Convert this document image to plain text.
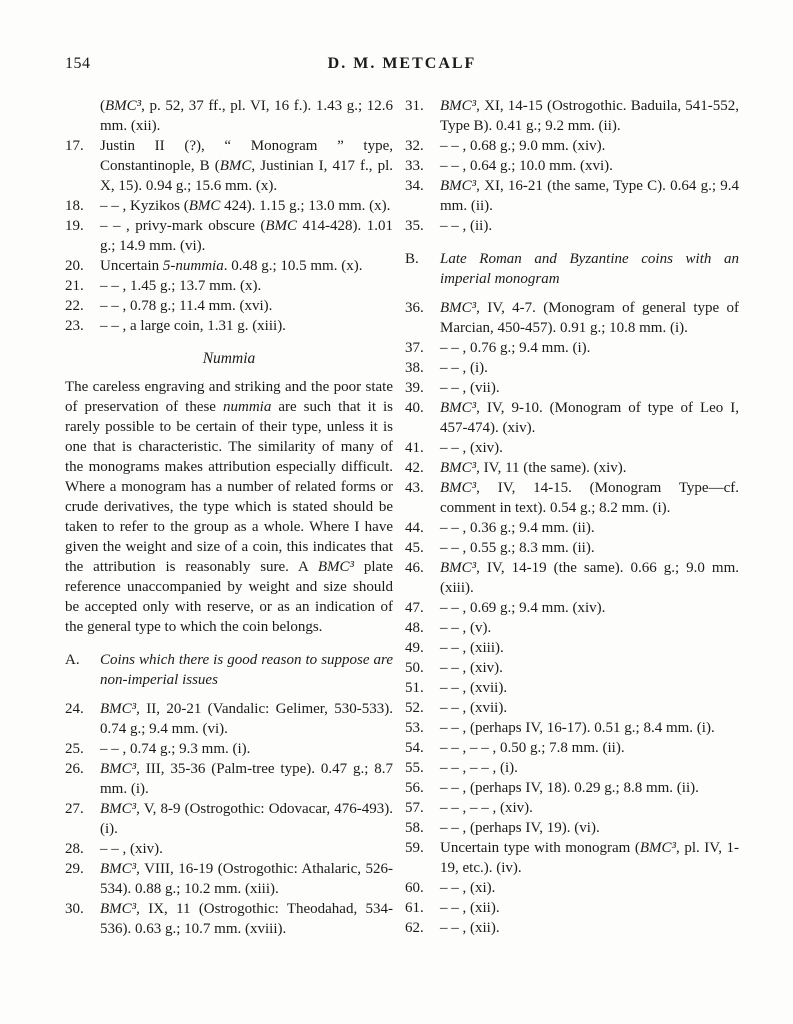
154	D. M. METCALF
(BMC³, p. 52, 37 ff., pl. VI, 16 f.). 1.43 g.; 12.6 mm. (xii).
17.	Justin II (?), “ Monogram ” type, Constantinople, B (BMC, Justinian I, 417 f., pl. X, 15). 0.94 g.; 15.6 mm. (x).
18.	– – , Kyzikos (BMC 424). 1.15 g.; 13.0 mm. (x).
19.	– – , privy-mark obscure (BMC 414-428). 1.01 g.; 14.9 mm. (vi).
20.	Uncertain 5-nummia. 0.48 g.; 10.5 mm. (x).
21.	– – , 1.45 g.; 13.7 mm. (x).
22.	– – , 0.78 g.; 11.4 mm. (xvi).
23.	– – , a large coin, 1.31 g. (xiii).
Nummia

The careless engraving and striking and the poor state of preservation of these nummia are such that it is rarely possible to be certain of their type, unless it is one that is characteristic. The similarity of many of the monograms makes attribution especially difficult. Where a monogram has a number of related forms or crude derivatives, the type which is stated should be taken to refer to the group as a whole. Where I have given the weight and size of a coin, this indicates that the attribution is reasonably sure. A BMC³ plate reference unaccompanied by weight and size should be accepted only with reserve, or as an indication of the general type to which the coin belongs.

A.	Coins which there is good reason to suppose are non-imperial issues
24.	BMC³, II, 20-21 (Vandalic: Gelimer, 530-533). 0.74 g.; 9.4 mm. (vi).
25.	– – , 0.74 g.; 9.3 mm. (i).
26.	BMC³, III, 35-36 (Palm-tree type). 0.47 g.; 8.7 mm. (i).
27.	BMC³, V, 8-9 (Ostrogothic: Odovacar, 476-493). (i).
28.	– – , (xiv).
29.	BMC³, VIII, 16-19 (Ostrogothic: Athalaric, 526-534). 0.88 g.; 10.2 mm. (xiii).
30.	BMC³, IX, 11 (Ostrogothic: Theodahad, 534-536). 0.63 g.; 10.7 mm. (xviii).
31.	BMC³, XI, 14-15 (Ostrogothic. Baduila, 541-552, Type B). 0.41 g.; 9.2 mm. (ii).
32.	– – , 0.68 g.; 9.0 mm. (xiv).
33.	– – , 0.64 g.; 10.0 mm. (xvi).
34.	BMC³, XI, 16-21 (the same, Type C). 0.64 g.; 9.4 mm. (ii).
35.	– – , (ii).
B.	Late Roman and Byzantine coins with an imperial monogram
36.	BMC³, IV, 4-7. (Monogram of general type of Marcian, 450-457). 0.91 g.; 10.8 mm. (i).
37.	– – , 0.76 g.; 9.4 mm. (i).
38.	– – , (i).
39.	– – , (vii).
40.	BMC³, IV, 9-10. (Monogram of type of Leo I, 457-474). (xiv).
41.	– – , (xiv).
42.	BMC³, IV, 11 (the same). (xiv).
43.	BMC³, IV, 14-15. (Monogram Type—cf. comment in text). 0.54 g.; 8.2 mm. (i).
44.	– – , 0.36 g.; 9.4 mm. (ii).
45.	– – , 0.55 g.; 8.3 mm. (ii).
46.	BMC³, IV, 14-19 (the same). 0.66 g.; 9.0 mm. (xiii).
47.	– – , 0.69 g.; 9.4 mm. (xiv).
48.	– – , (v).
49.	– – , (xiii).
50.	– – , (xiv).
51.	– – , (xvii).
52.	– – , (xvii).
53.	– – , (perhaps IV, 16-17). 0.51 g.; 8.4 mm. (i).
54.	– – , – – , 0.50 g.; 7.8 mm. (ii).
55.	– – , – – , (i).
56.	– – , (perhaps IV, 18). 0.29 g.; 8.8 mm. (ii).
57.	– – , – – , (xiv).
58.	– – , (perhaps IV, 19). (vi).
59.	Uncertain type with monogram (BMC³, pl. IV, 1-19, etc.). (iv).
60.	– – , (xi).
61.	– – , (xii).
62.	– – , (xii).
